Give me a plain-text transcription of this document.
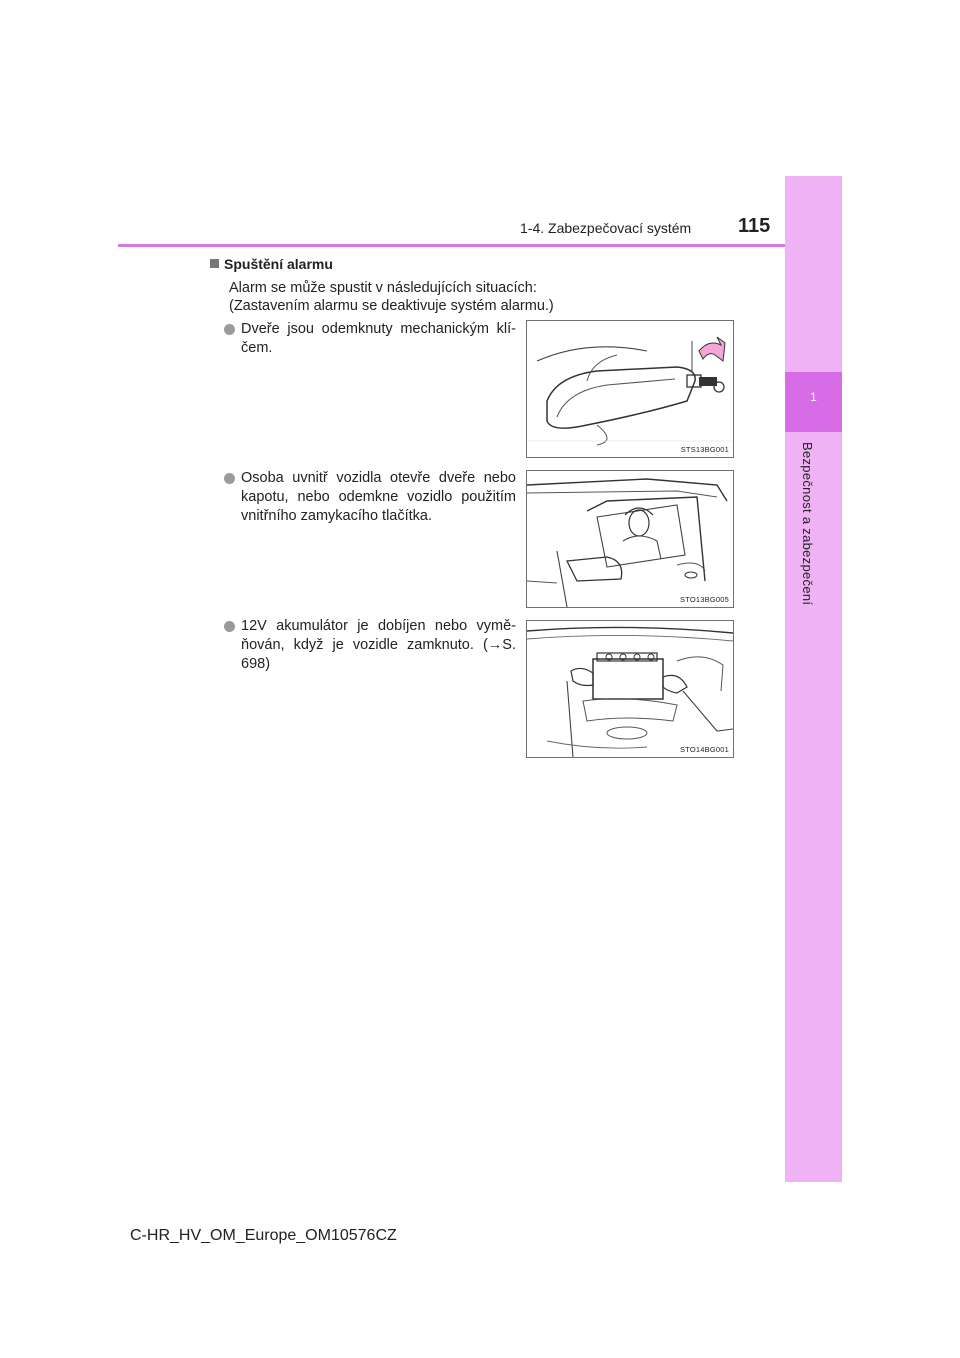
1
Bezpečnost a zabezpečení
1-4. Zabezpečovací systém 115
Spuštění alarmu
Alarm se může spustit v následujících situacích:
(Zastavením alarmu se deaktivuje systém alarmu.)
Dveře jsou odemknuty mechanickým klí-čem.
STS13BG001
Osoba uvnitř vozidla otevře dveře nebo kapotu, nebo odemkne vozidlo použitím vnitřního zamykacího tlačítka.
STO13BG005
12V akumulátor je dobíjen nebo vymě-ňován, když je vozidle zamknuto. (→S. 698)
STO14BG001
C-HR_HV_OM_Europe_OM10576CZ
